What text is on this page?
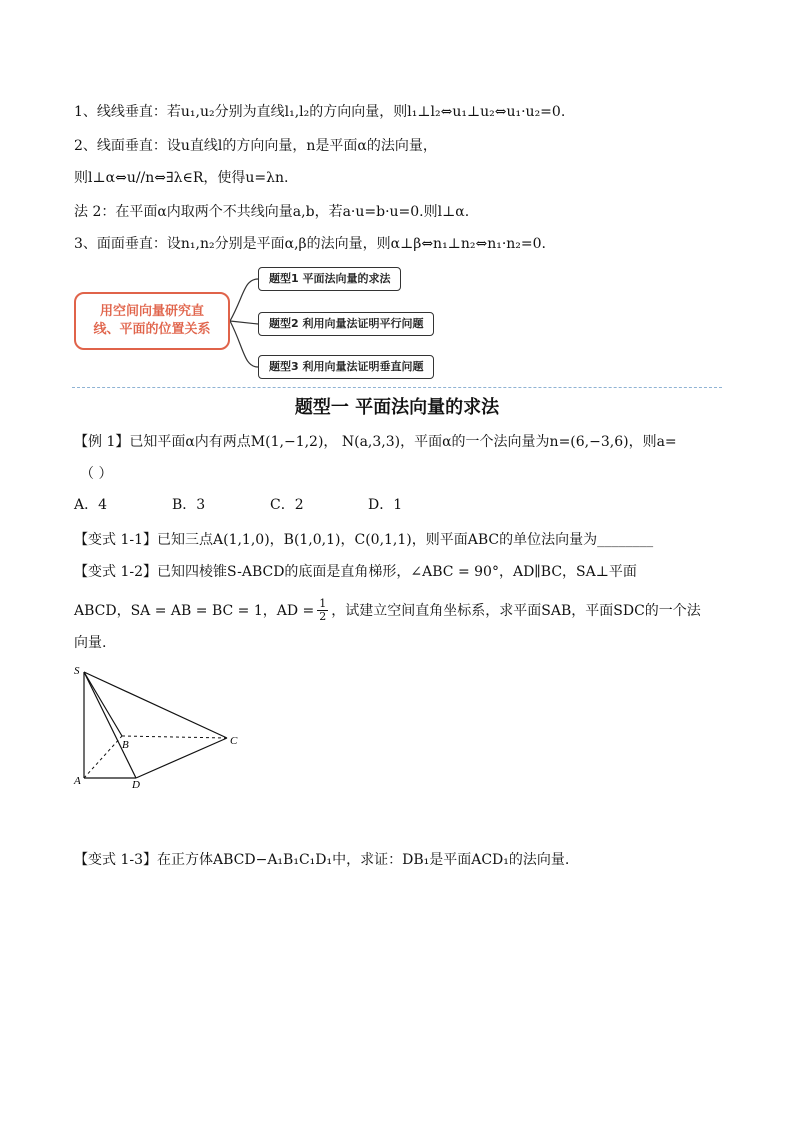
1、线线垂直：若u₁,u₂分别为直线l₁,l₂的方向向量，则l₁⊥l₂⇔u₁⊥u₂⇔u₁·u₂=0.
2、线面垂直：设u直线l的方向向量，n是平面α的法向量，
则l⊥α⇔u//n⇔∃λ∈R，使得u=λn.
法 2：在平面α内取两个不共线向量a,b，若a·u=b·u=0.则l⊥α.
3、面面垂直：设n₁,n₂分别是平面α,β的法向量，则α⊥β⇔n₁⊥n₂⇔n₁·n₂=0.
用空间向量研究直
线、平面的位置关系
题型1 平面法向量的求法
题型2 利用向量法证明平行问题
题型3 利用向量法证明垂直问题
题型一 平面法向量的求法
【例 1】已知平面α内有两点M(1,−1,2)， N(a,3,3)，平面α的一个法向量为n=(6,−3,6)，则a=
（ ）
A．4	B．3	C．2	D．1
【变式 1-1】已知三点A(1,1,0)，B(1,0,1)，C(0,1,1)，则平面ABC的单位法向量为________
【变式 1-2】已知四棱锥S-ABCD的底面是直角梯形，∠ABC = 90°，AD∥BC，SA⊥平面
ABCD，SA = AB = BC = 1，AD = $\frac{1}{2}$ ，试建立空间直角坐标系，求平面SAB，平面SDC的一个法
向量.
S
A
B	C
D
【变式 1-3】在正方体ABCD−A₁B₁C₁D₁中，求证：DB₁是平面ACD₁的法向量.
